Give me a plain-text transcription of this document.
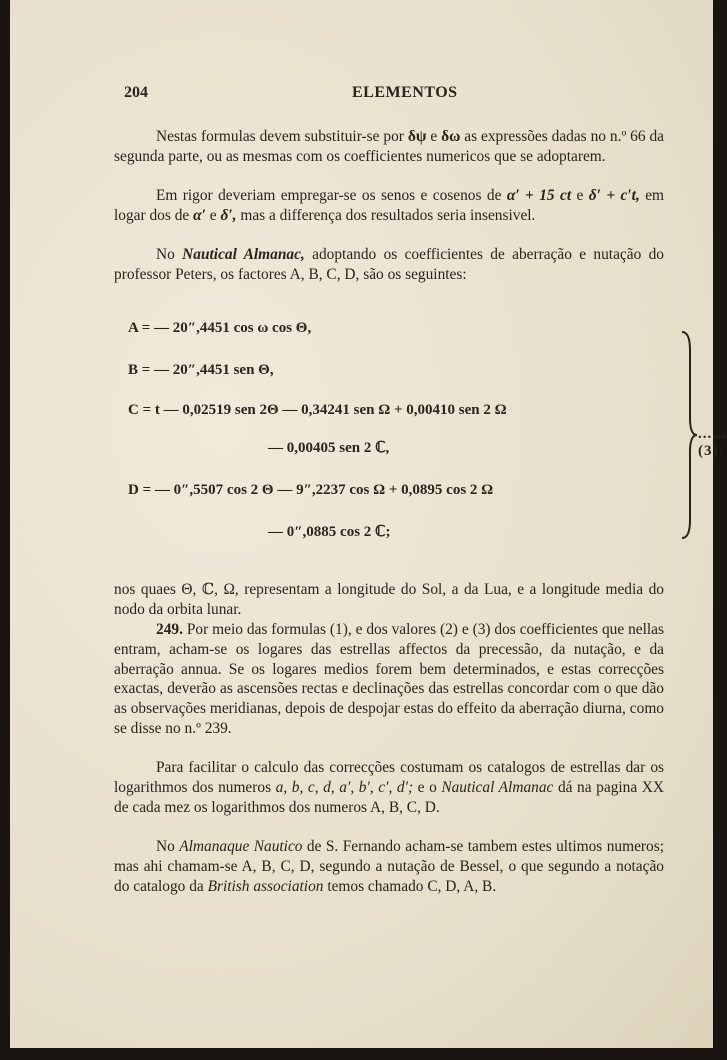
204	ELEMENTOS

Nestas formulas devem substituir-se por δψ e δω as expressões dadas no n.º 66 da segunda parte, ou as mesmas com os coefficientes numericos que se adoptarem.

Em rigor deveriam empregar-se os senos e cosenos de α′ + 15 ct e δ′ + c′t, em logar dos de α′ e δ′, mas a differença dos resultados seria insensivel.

No Nautical Almanac, adoptando os coefficientes de aberração e nutação do professor Peters, os factores A, B, C, D, são os seguintes:

A = — 20″,4451 cos ω cos Θ,
B = — 20″,4451 sen Θ,
C = t — 0,02519 sen 2Θ — 0,34241 sen Ω + 0,00410 sen 2 Ω
— 0,00405 sen 2 ℂ,
D = — 0″,5507 cos 2 Θ — 9″,2237 cos Ω + 0,0895 cos 2 Ω
— 0″,0885 cos 2 ℂ;
...... (3).

nos quaes Θ, ℂ, Ω, representam a longitude do Sol, a da Lua, e a longitude media do nodo da orbita lunar.

249. Por meio das formulas (1), e dos valores (2) e (3) dos coefficientes que nellas entram, acham-se os logares das estrellas affectos da precessão, da nutação, e da aberração annua. Se os logares medios forem bem determinados, e estas correcções exactas, deverão as ascensões rectas e declinações das estrellas concordar com o que dão as observações meridianas, depois de despojar estas do effeito da aberração diurna, como se disse no n.º 239.

Para facilitar o calculo das correcções costumam os catalogos de estrellas dar os logarithmos dos numeros a, b, c, d, a′, b′, c′, d′; e o Nautical Almanac dá na pagina XX de cada mez os logarithmos dos numeros A, B, C, D.

No Almanaque Nautico de S. Fernando acham-se tambem estes ultimos numeros; mas ahi chamam-se A, B, C, D, segundo a nutação de Bessel, o que segundo a notação do catalogo da British association temos chamado C, D, A, B.
